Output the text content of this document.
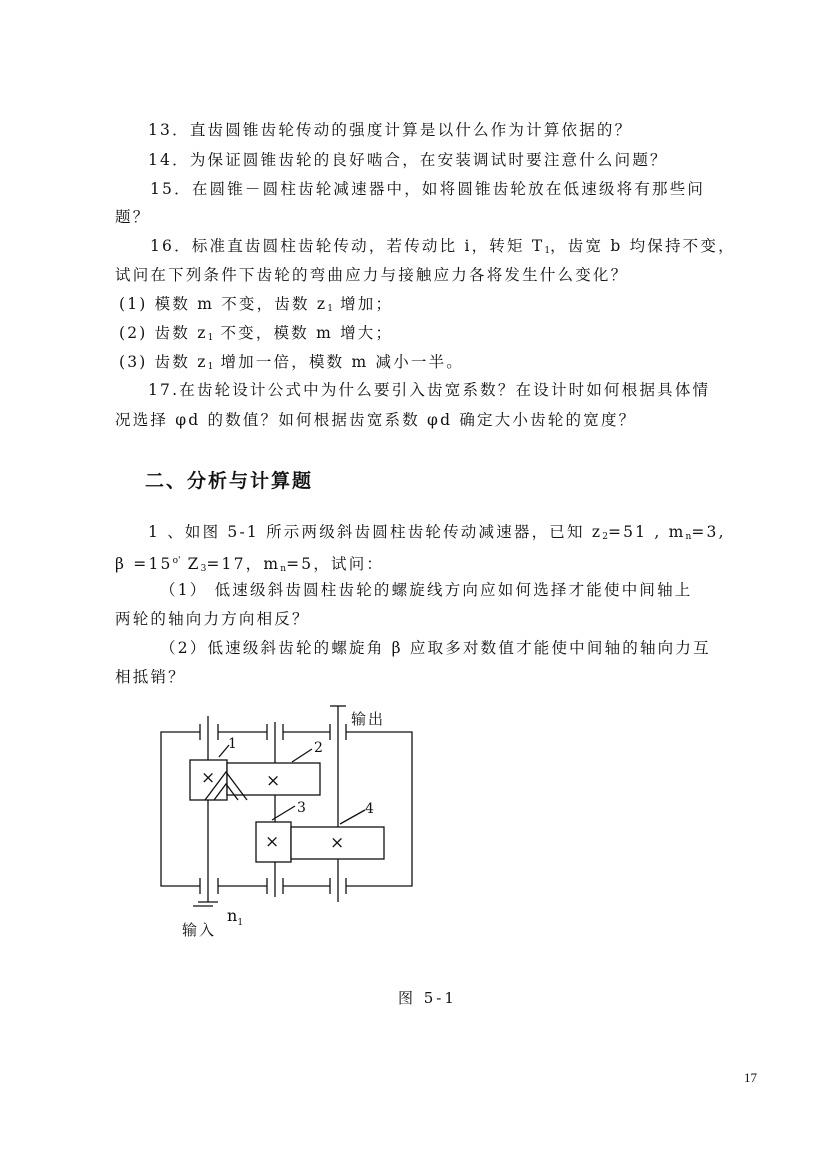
13．直齿圆锥齿轮传动的强度计算是以什么作为计算依据的？
14．为保证圆锥齿轮的良好啮合，在安装调试时要注意什么问题？
15．在圆锥－圆柱齿轮减速器中，如将圆锥齿轮放在低速级将有那些问
题？
16．标准直齿圆柱齿轮传动，若传动比 i，转矩 $T_1$，齿宽 b 均保持不变，
试问在下列条件下齿轮的弯曲应力与接触应力各将发生什么变化？
(1) 模数 m 不变，齿数 $z_1$ 增加；
(2) 齿数 $z_1$ 不变，模数 m 增大；
(3) 齿数 $z_1$ 增加一倍，模数 m 减小一半。
17.在齿轮设计公式中为什么要引入齿宽系数？在设计时如何根据具体情
况选择 φd 的数值？如何根据齿宽系数 φd 确定大小齿轮的宽度？
二、分析与计算题
1 、如图 5-1 所示两级斜齿圆柱齿轮传动减速器，已知 $z_2=51$ , $m_n=3$,
$\beta =15^{o'}$ $Z_3=17$，$m_n=5$，试问：
（1） 低速级斜齿圆柱齿轮的螺旋线方向应如何选择才能使中间轴上
两轮的轴向力方向相反？
（2）低速级斜齿轮的螺旋角 β 应取多对数值才能使中间轴的轴向力互
相抵销？
×	×
×	×
1	2
3	4
输出
输入
$n_1$
图 5-1
17
